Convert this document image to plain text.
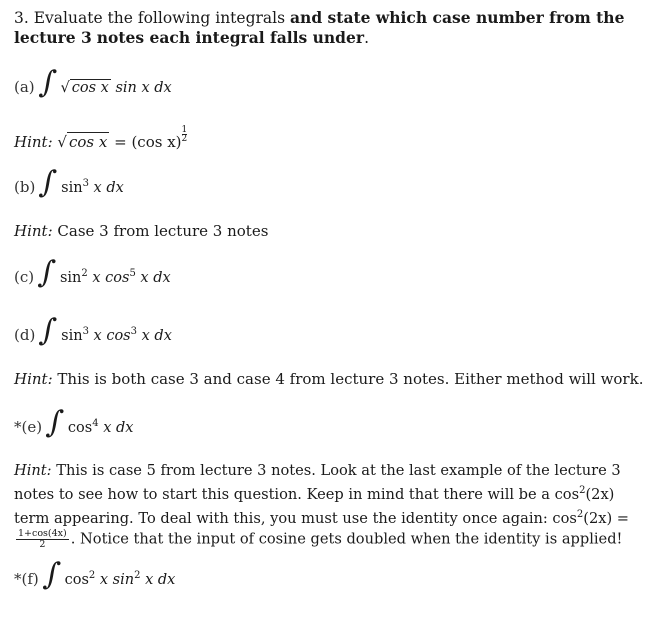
3. Evaluate the following integrals and state which case number from the lecture 3 notes each integral falls under.
(a) ∫ √ cos x sin x dx
Hint: √ cos x = (cos $x) \frac{1}{2}$
(b) ∫ $\sin^3 x$ dx
Hint: Case 3 from lecture 3 notes
(c) ∫ $\sin^2 x$ $\cos^5 x$ dx
(d) ∫ $\sin^3 x$ $\cos^3 x$ dx
Hint: This is both case 3 and case 4 from lecture 3 notes. Either method will work.
*(e) ∫ $\cos^4 x$ dx
Hint: This is case 5 from lecture 3 notes. Look at the last example of the lecture 3 notes to see how to start this question. Keep in mind that there will be a $\cos^2(2x)$ term appearing. To deal with this, you must use the identity once again: $\cos^2(2x)$ =
$\frac{1+\cos(4x)}{2}$ . Notice that the input of cosine gets doubled when the identity is applied!
*(f) ∫ $\cos^2 x$ $\sin^2 x$ dx
